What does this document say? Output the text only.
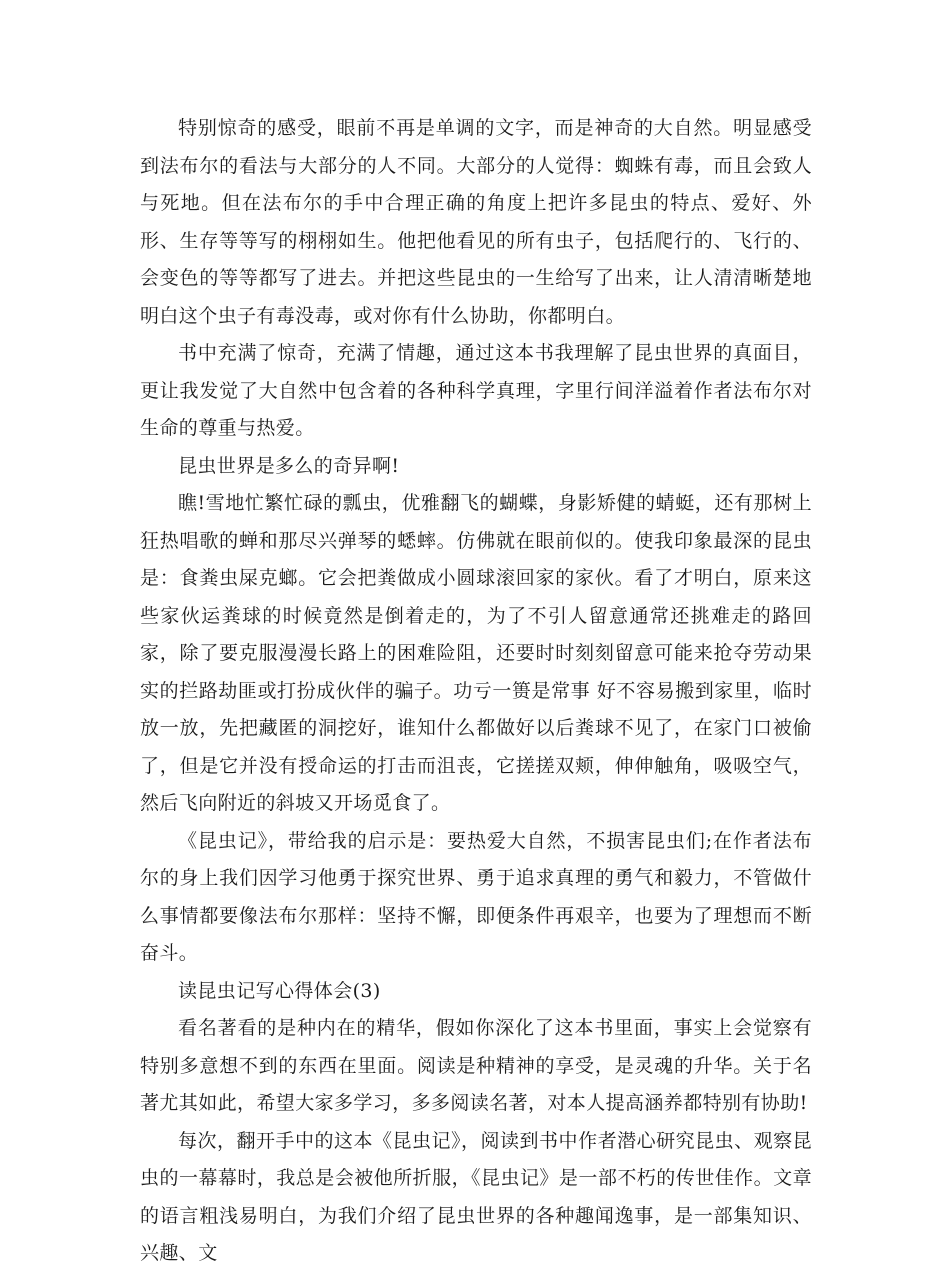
特别惊奇的感受，眼前不再是单调的文字，而是神奇的大自然。明显感受到法布尔的看法与大部分的人不同。大部分的人觉得：蜘蛛有毒，而且会致人与死地。但在法布尔的手中合理正确的角度上把许多昆虫的特点、爱好、外形、生存等等写的栩栩如生。他把他看见的所有虫子，包括爬行的、飞行的、会变色的等等都写了进去。并把这些昆虫的一生给写了出来，让人清清晰楚地明白这个虫子有毒没毒，或对你有什么协助，你都明白。

书中充满了惊奇，充满了情趣，通过这本书我理解了昆虫世界的真面目，更让我发觉了大自然中包含着的各种科学真理，字里行间洋溢着作者法布尔对生命的尊重与热爱。

昆虫世界是多么的奇异啊!

瞧!雪地忙繁忙碌的瓢虫，优雅翻飞的蝴蝶，身影矫健的蜻蜓，还有那树上狂热唱歌的蝉和那尽兴弹琴的蟋蟀。仿佛就在眼前似的。使我印象最深的昆虫是：食粪虫屎克螂。它会把粪做成小圆球滚回家的家伙。看了才明白，原来这些家伙运粪球的时候竟然是倒着走的，为了不引人留意通常还挑难走的路回家，除了要克服漫漫长路上的困难险阻，还要时时刻刻留意可能来抢夺劳动果实的拦路劫匪或打扮成伙伴的骗子。功亏一篑是常事 好不容易搬到家里，临时放一放，先把藏匿的洞挖好，谁知什么都做好以后粪球不见了，在家门口被偷了，但是它并没有授命运的打击而沮丧，它搓搓双颊，伸伸触角，吸吸空气，然后飞向附近的斜坡又开场觅食了。

《昆虫记》，带给我的启示是：要热爱大自然，不损害昆虫们;在作者法布尔的身上我们因学习他勇于探究世界、勇于追求真理的勇气和毅力，不管做什么事情都要像法布尔那样：坚持不懈，即便条件再艰辛，也要为了理想而不断奋斗。

读昆虫记写心得体会(3)

看名著看的是种内在的精华，假如你深化了这本书里面，事实上会觉察有特别多意想不到的东西在里面。阅读是种精神的享受，是灵魂的升华。关于名著尤其如此，希望大家多学习，多多阅读名著，对本人提高涵养都特别有协助!

每次，翻开手中的这本《昆虫记》，阅读到书中作者潜心研究昆虫、观察昆虫的一幕幕时，我总是会被他所折服，《昆虫记》是一部不朽的传世佳作。文章的语言粗浅易明白，为我们介绍了昆虫世界的各种趣闻逸事，是一部集知识、兴趣、文
